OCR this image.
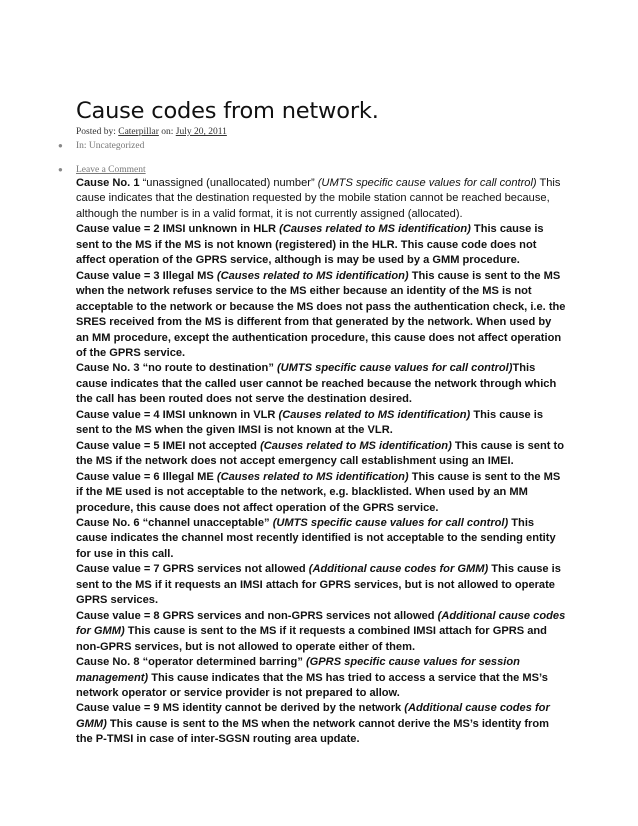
Cause codes from network.
Posted by: Caterpillar on: July 20, 2011
● In: Uncategorized
● Leave a Comment

Cause No. 1 “unassigned (unallocated) number” (UMTS specific cause values for call control) This cause indicates that the destination requested by the mobile station cannot be reached because, although the number is in a valid format, it is not currently assigned (allocated).

Cause value = 2 IMSI unknown in HLR (Causes related to MS identification) This cause is sent to the MS if the MS is not known (registered) in the HLR. This cause code does not affect operation of the GPRS service, although is may be used by a GMM procedure.

Cause value = 3 Illegal MS (Causes related to MS identification) This cause is sent to the MS when the network refuses service to the MS either because an identity of the MS is not acceptable to the network or because the MS does not pass the authentication check, i.e. the SRES received from the MS is different from that generated by the network. When used by an MM procedure, except the authentication procedure, this cause does not affect operation of the GPRS service.

Cause No. 3 “no route to destination” (UMTS specific cause values for call control)This cause indicates that the called user cannot be reached because the network through which the call has been routed does not serve the destination desired.

Cause value = 4 IMSI unknown in VLR (Causes related to MS identification) This cause is sent to the MS when the given IMSI is not known at the VLR.

Cause value = 5 IMEI not accepted (Causes related to MS identification) This cause is sent to the MS if the network does not accept emergency call establishment using an IMEI.

Cause value = 6 Illegal ME (Causes related to MS identification) This cause is sent to the MS if the ME used is not acceptable to the network, e.g. blacklisted. When used by an MM procedure, this cause does not affect operation of the GPRS service.

Cause No. 6 “channel unacceptable” (UMTS specific cause values for call control) This cause indicates the channel most recently identified is not acceptable to the sending entity for use in this call.

Cause value = 7 GPRS services not allowed (Additional cause codes for GMM) This cause is sent to the MS if it requests an IMSI attach for GPRS services, but is not allowed to operate GPRS services.

Cause value = 8 GPRS services and non-GPRS services not allowed (Additional cause codes for GMM) This cause is sent to the MS if it requests a combined IMSI attach for GPRS and non-GPRS services, but is not allowed to operate either of them.

Cause No. 8 “operator determined barring” (GPRS specific cause values for session management) This cause indicates that the MS has tried to access a service that the MS’s network operator or service provider is not prepared to allow.

Cause value = 9 MS identity cannot be derived by the network (Additional cause codes for GMM) This cause is sent to the MS when the network cannot derive the MS’s identity from the P-TMSI in case of inter-SGSN routing area update.
